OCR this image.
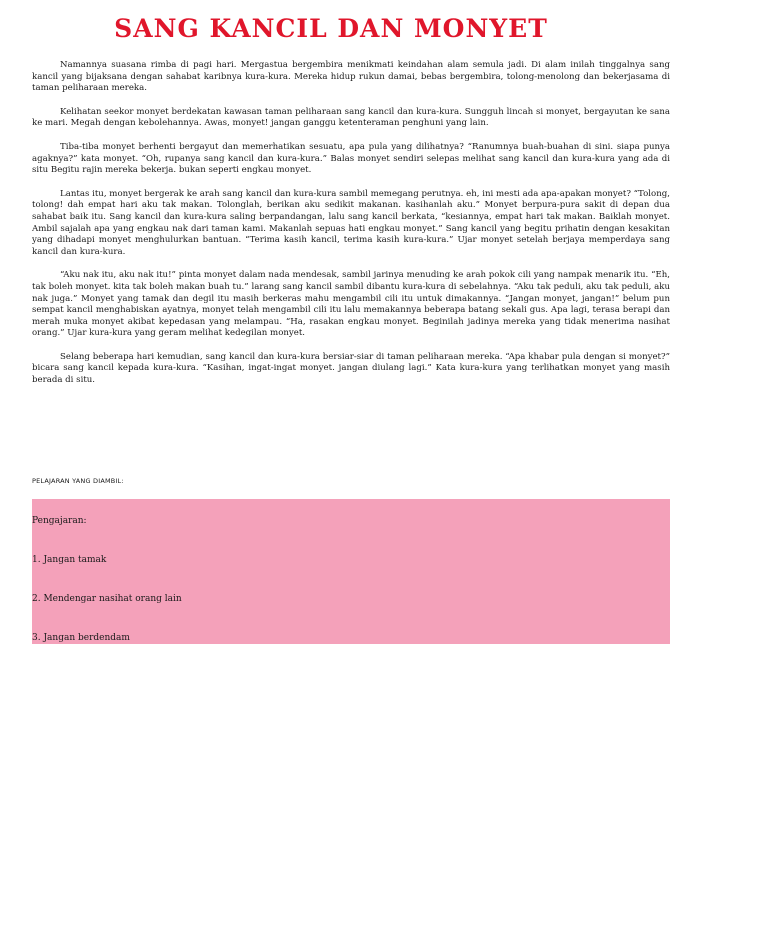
SANG KANCIL DAN MONYET

Namannya suasana rimba di pagi hari. Mergastua bergembira menikmati keindahan alam semula jadi. Di alam inilah tinggalnya sang kancil yang bijaksana dengan sahabat karibnya kura-kura. Mereka hidup rukun damai, bebas bergembira, tolong-menolong dan bekerjasama di taman peliharaan mereka.

Kelihatan seekor monyet berdekatan kawasan taman peliharaan sang kancil dan kura-kura. Sungguh lincah si monyet, bergayutan ke sana ke mari. Megah dengan kebolehannya. Awas, monyet! jangan ganggu ketenteraman penghuni yang lain.

Tiba-tiba monyet berhenti bergayut dan memerhatikan sesuatu, apa pula yang dilihatnya? “Ranumnya buah-buahan di sini. siapa punya agaknya?” kata monyet. “Oh, rupanya sang kancil dan kura-kura.” Balas monyet sendiri selepas melihat sang kancil dan kura-kura yang ada di situ Begitu rajin mereka bekerja. bukan seperti engkau monyet.

Lantas itu, monyet bergerak ke arah sang kancil dan kura-kura sambil memegang perutnya. eh, ini mesti ada apa-apakan monyet? “Tolong, tolong! dah empat hari aku tak makan. Tolonglah, berikan aku sedikit makanan. kasihanlah aku.” Monyet berpura-pura sakit di depan dua sahabat baik itu. Sang kancil dan kura-kura saling berpandangan, lalu sang kancil berkata, “kesiannya, empat hari tak makan. Baiklah monyet. Ambil sajalah apa yang engkau nak dari taman kami. Makanlah sepuas hati engkau monyet.” Sang kancil yang begitu prihatin dengan kesakitan yang dihadapi monyet menghulurkan bantuan. “Terima kasih kancil, terima kasih kura-kura.” Ujar monyet setelah berjaya memperdaya sang kancil dan kura-kura.

“Aku nak itu, aku nak itu!” pinta monyet dalam nada mendesak, sambil jarinya menuding ke arah pokok cili yang nampak menarik itu. “Eh, tak boleh monyet. kita tak boleh makan buah tu.” larang sang kancil sambil dibantu kura-kura di sebelahnya. “Aku tak peduli, aku tak peduli, aku nak juga.” Monyet yang tamak dan degil itu masih berkeras mahu mengambil cili itu untuk dimakannya. “Jangan monyet, jangan!” belum pun sempat kancil menghabiskan ayatnya, monyet telah mengambil cili itu lalu memakannya beberapa batang sekali gus. Apa lagi, terasa berapi dan merah muka monyet akibat kepedasan yang melampau. “Ha, rasakan engkau monyet. Beginilah jadinya mereka yang tidak menerima nasihat orang.” Ujar kura-kura yang geram melihat kedegilan monyet.

Selang beberapa hari kemudian, sang kancil dan kura-kura bersiar-siar di taman peliharaan mereka. “Apa khabar pula dengan si monyet?” bicara sang kancil kepada kura-kura. “Kasihan, ingat-ingat monyet. jangan diulang lagi.” Kata kura-kura yang terlihatkan monyet yang masih berada di situ.

PELAJARAN YANG DIAMBIL:
Pengajaran:
1. Jangan tamak
2. Mendengar nasihat orang lain
3. Jangan berdendam
